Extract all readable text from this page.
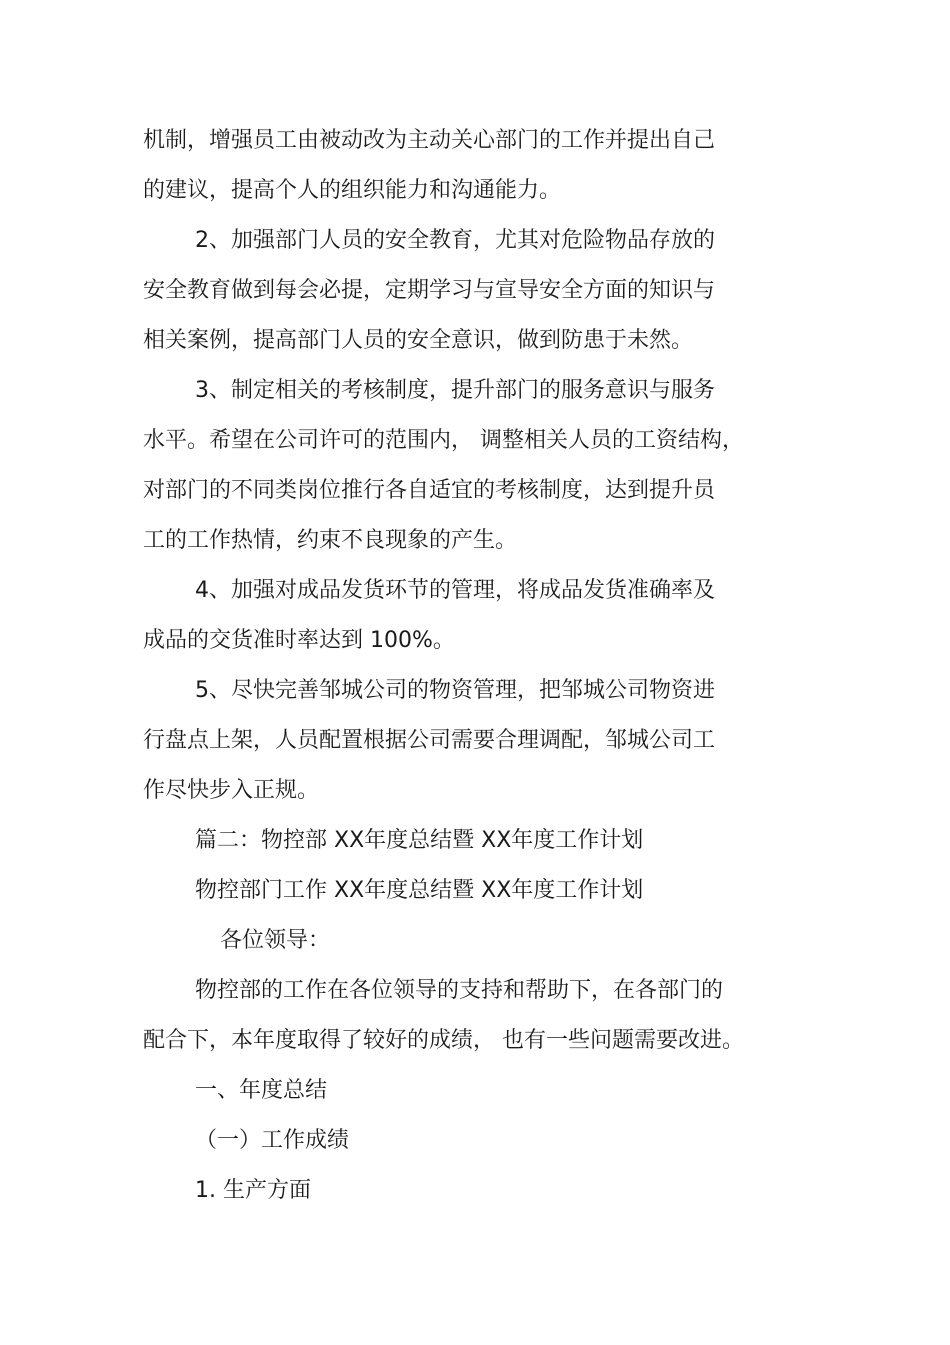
机制，增强员工由被动改为主动关心部门的工作并提出自己
的建议，提高个人的组织能力和沟通能力。
2、加强部门人员的安全教育，尤其对危险物品存放的
安全教育做到每会必提，定期学习与宣导安全方面的知识与
相关案例，提高部门人员的安全意识，做到防患于未然。
3、制定相关的考核制度，提升部门的服务意识与服务
水平。希望在公司许可的范围内， 调整相关人员的工资结构，
对部门的不同类岗位推行各自适宜的考核制度，达到提升员
工的工作热情，约束不良现象的产生。
4、加强对成品发货环节的管理，将成品发货准确率及
成品的交货准时率达到 100%。
5、尽快完善邹城公司的物资管理，把邹城公司物资进
行盘点上架，人员配置根据公司需要合理调配，邹城公司工
作尽快步入正规。
篇二：物控部 XX年度总结暨 XX年度工作计划
物控部门工作 XX年度总结暨 XX年度工作计划
各位领导：
物控部的工作在各位领导的支持和帮助下，在各部门的
配合下，本年度取得了较好的成绩， 也有一些问题需要改进。
一、年度总结
（一）工作成绩
1. 生产方面
